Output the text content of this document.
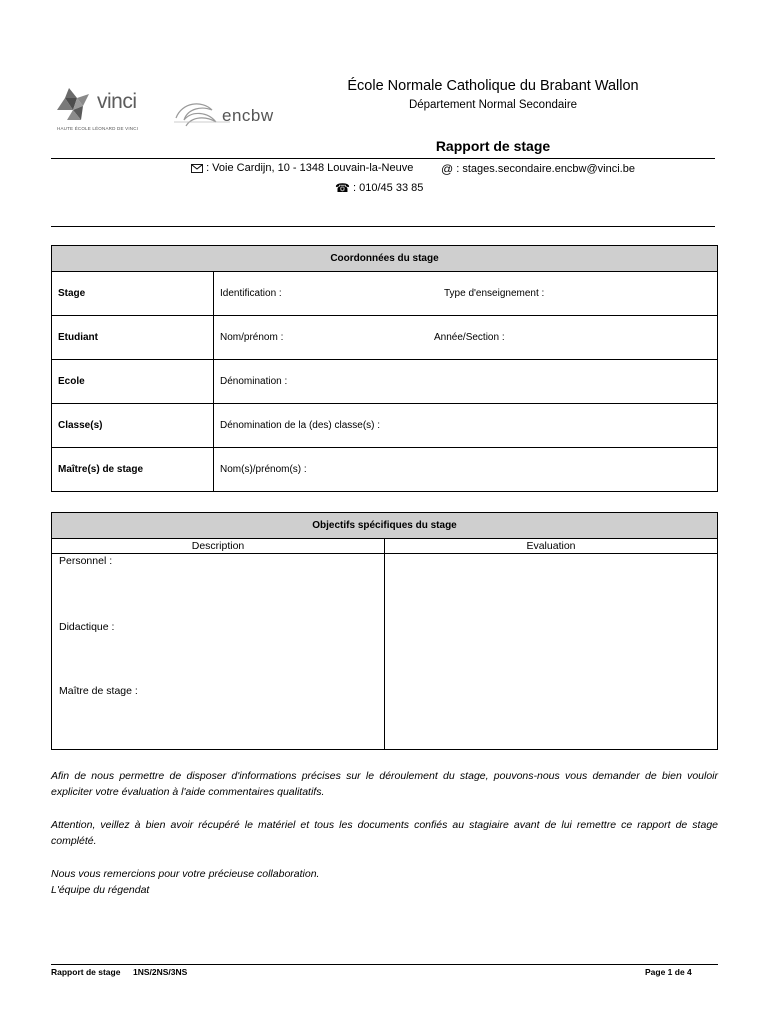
vinci
HAUTE ÉCOLE LÉONARD DE VINCI
encbw
École Normale Catholique du Brabant Wallon
Département Normal Secondaire
Rapport de stage
: Voie Cardijn, 10 - 1348 Louvain-la-Neuve @ : stages.secondaire.encbw@vinci.be
☎ : 010/45 33 85
Coordonnées du stage	
Stage	Identification : Type d'enseignement :

Etudiant	Nom/prénom : Année/Section :

Ecole	Dénomination :
Classe(s)	Dénomination de la (des) classe(s) :
Maître(s) de stage	Nom(s)/prénom(s) :
Objectifs spécifiques du stage	
Description	Evaluation

Personnel :
Didactique :
Maître de stage :	

Afin de nous permettre de disposer d'informations précises sur le déroulement du stage, pouvons-nous vous demander de bien vouloir expliciter votre évaluation à l'aide commentaires qualitatifs.
Attention, veillez à bien avoir récupéré le matériel et tous les documents confiés au stagiaire avant de lui remettre ce rapport de stage complété.
Nous vous remercions pour votre précieuse collaboration.
L'équipe du régendat
Rapport de stage 1NS/2NS/3NS	Page 1 de 4
